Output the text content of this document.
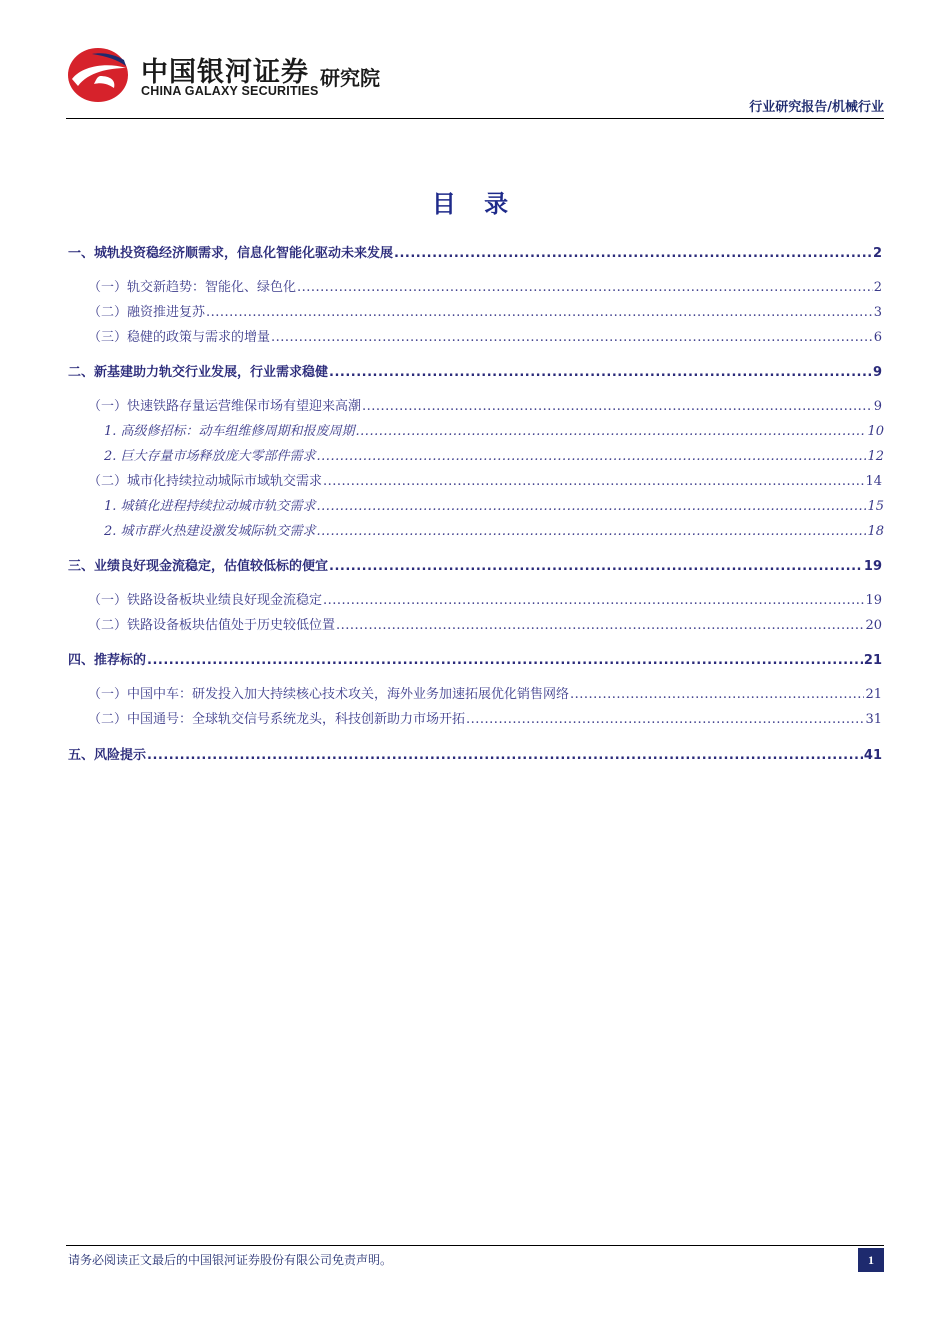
中国银河证券
CHINA GALAXY SECURITIES
研究院
行业研究报告/机械行业
目 录
一、城轨投资稳经济顺需求，信息化智能化驱动未来发展 .....	2
（一）轨交新趋势：智能化、绿色化 .....	2
（二）融资推进复苏 .....	3
（三）稳健的政策与需求的增量 .....	6
二、新基建助力轨交行业发展，行业需求稳健 .....	9
（一）快速铁路存量运营维保市场有望迎来高潮 .....	9
1. 高级修招标：动车组维修周期和报废周期 .....	10
2. 巨大存量市场释放庞大零部件需求 .....	12
（二）城市化持续拉动城际市域轨交需求 .....	14
1. 城镇化进程持续拉动城市轨交需求 .....	15
2. 城市群火热建设激发城际轨交需求 .....	18
三、业绩良好现金流稳定，估值较低标的便宜 .....	19
（一）铁路设备板块业绩良好现金流稳定 .....	19
（二）铁路设备板块估值处于历史较低位置 .....	20
四、推荐标的 .....	21
（一）中国中车：研发投入加大持续核心技术攻关，海外业务加速拓展优化销售网络 .....	21
（二）中国通号：全球轨交信号系统龙头，科技创新助力市场开拓 .....	31
五、风险提示 .....	41
请务必阅读正文最后的中国银河证券股份有限公司免责声明。	1
